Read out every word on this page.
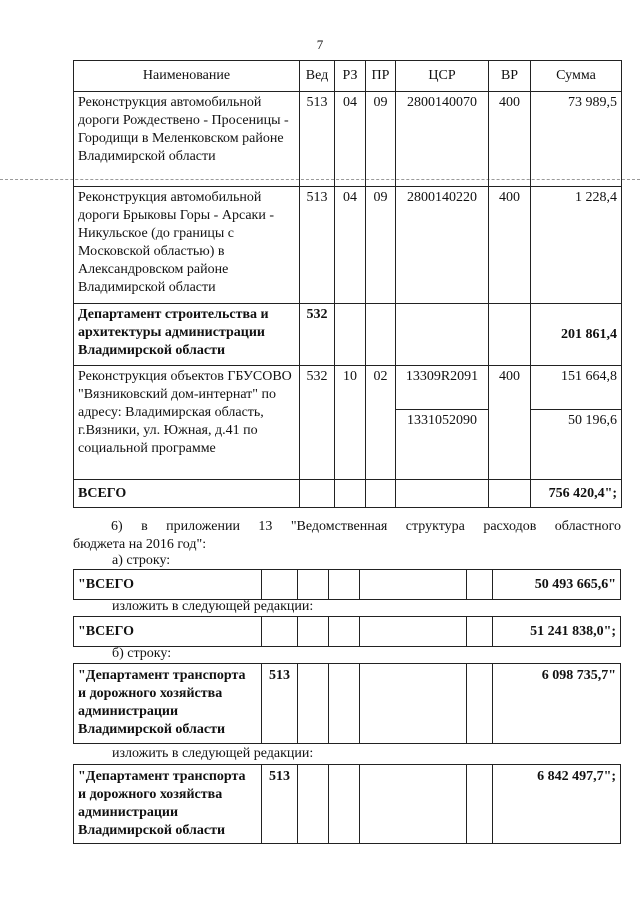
7
Наименование	Вед	РЗ	ПР	ЦСР	ВР	Сумма
Реконструкция автомобильной дороги Рождествено - Просеницы - Городищи в Меленковском районе Владимирской области	513	04	09	2800140070	400	73 989,5
Реконструкция автомобильной дороги Брыковы Горы - Арсаки - Никульское (до границы с Московской областью) в Александровском районе Владимирской области	513	04	09	2800140220	400	1 228,4
Департамент строительства и архитектуры администрации Владимирской области	532					201 861,4
Реконструкция объектов ГБУСОВО "Вязниковский дом-интернат" по адресу: Владимирская область, г.Вязники, ул. Южная, д.41 по социальной программе	532	10	02	13309R2091	400	151 664,8
				1331052090		50 196,6
ВСЕГО						756 420,4";
6) в приложении 13 "Ведомственная структура расходов областного
бюджета на 2016 год":
а) строку:
"ВСЕГО						50 493 665,6"
изложить в следующей редакции:
"ВСЕГО						51 241 838,0";
б) строку:
"Департамент транспорта и дорожного хозяйства администрации Владимирской области	513					6 098 735,7"
изложить в следующей редакции:
"Департамент транспорта и дорожного хозяйства администрации Владимирской области	513					6 842 497,7";
